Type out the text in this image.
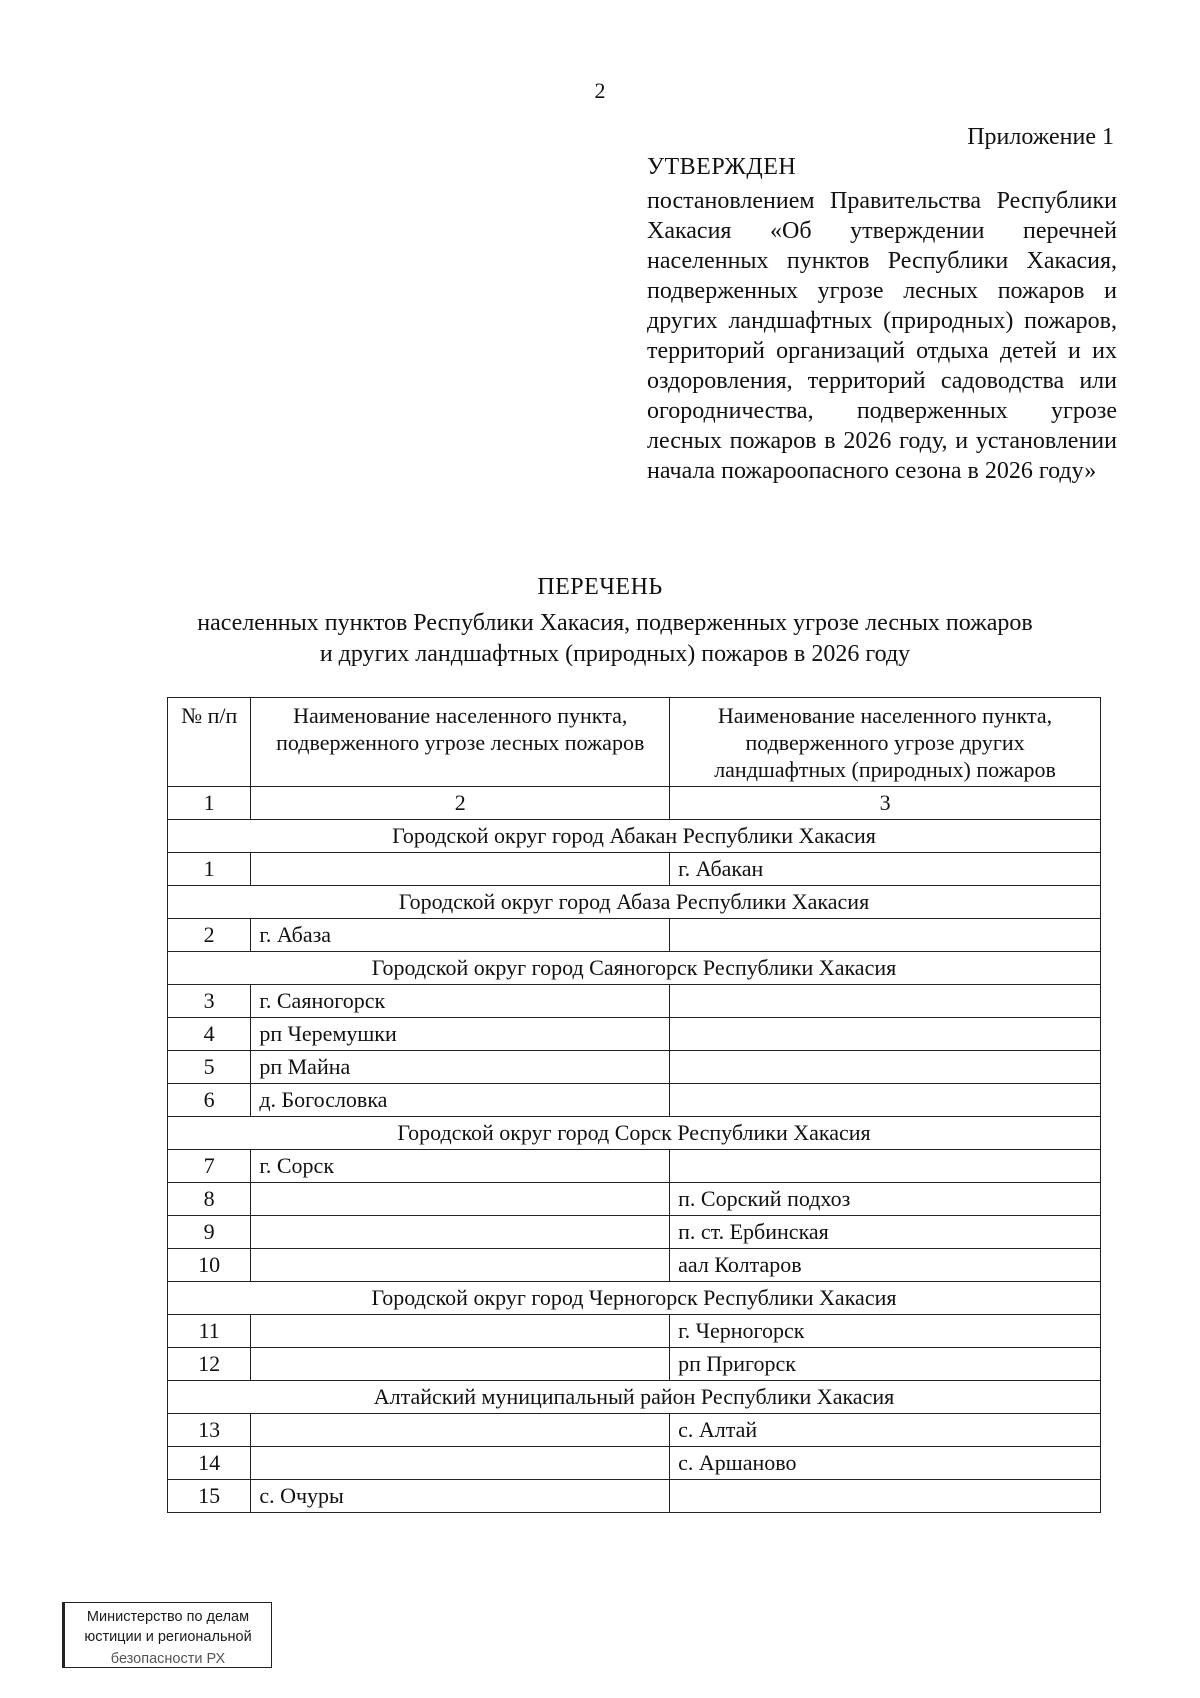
2
Приложение 1
УТВЕРЖДЕН
постановлением Правительства Республики Хакасия «Об утверждении перечней населенных пунктов Республики Хакасия, подверженных угрозе лесных пожаров и других ландшафтных (природных) пожаров, территорий организаций отдыха детей и их оздоровления, территорий садоводства или огородничества, подверженных угрозе лесных пожаров в 2026 году, и установлении начала пожароопасного сезона в 2026 году»
ПЕРЕЧЕНЬ
населенных пунктов Республики Хакасия, подверженных угрозе лесных пожаров
и других ландшафтных (природных) пожаров в 2026 году
№ п/п	Наименование населенного пункта, подверженного угрозе лесных пожаров	Наименование населенного пункта, подверженного угрозе других ландшафтных (природных) пожаров
1	2	3
Городской округ город Абакан Республики Хакасия		
1		г. Абакан
Городской округ город Абаза Республики Хакасия		
2	г. Абаза	
Городской округ город Саяногорск Республики Хакасия		
3	г. Саяногорск	
4	рп Черемушки	
5	рп Майна	
6	д. Богословка	
Городской округ город Сорск Республики Хакасия		
7	г. Сорск	
8		п. Сорский подхоз
9		п. ст. Ербинская
10		аал Колтаров
Городской округ город Черногорск Республики Хакасия		
11		г. Черногорск
12		рп Пригорск
Алтайский муниципальный район Республики Хакасия		
13		с. Алтай
14		с. Аршаново
15	с. Очуры	
Министерство по делам
юстиции и региональной
безопасности РХ
